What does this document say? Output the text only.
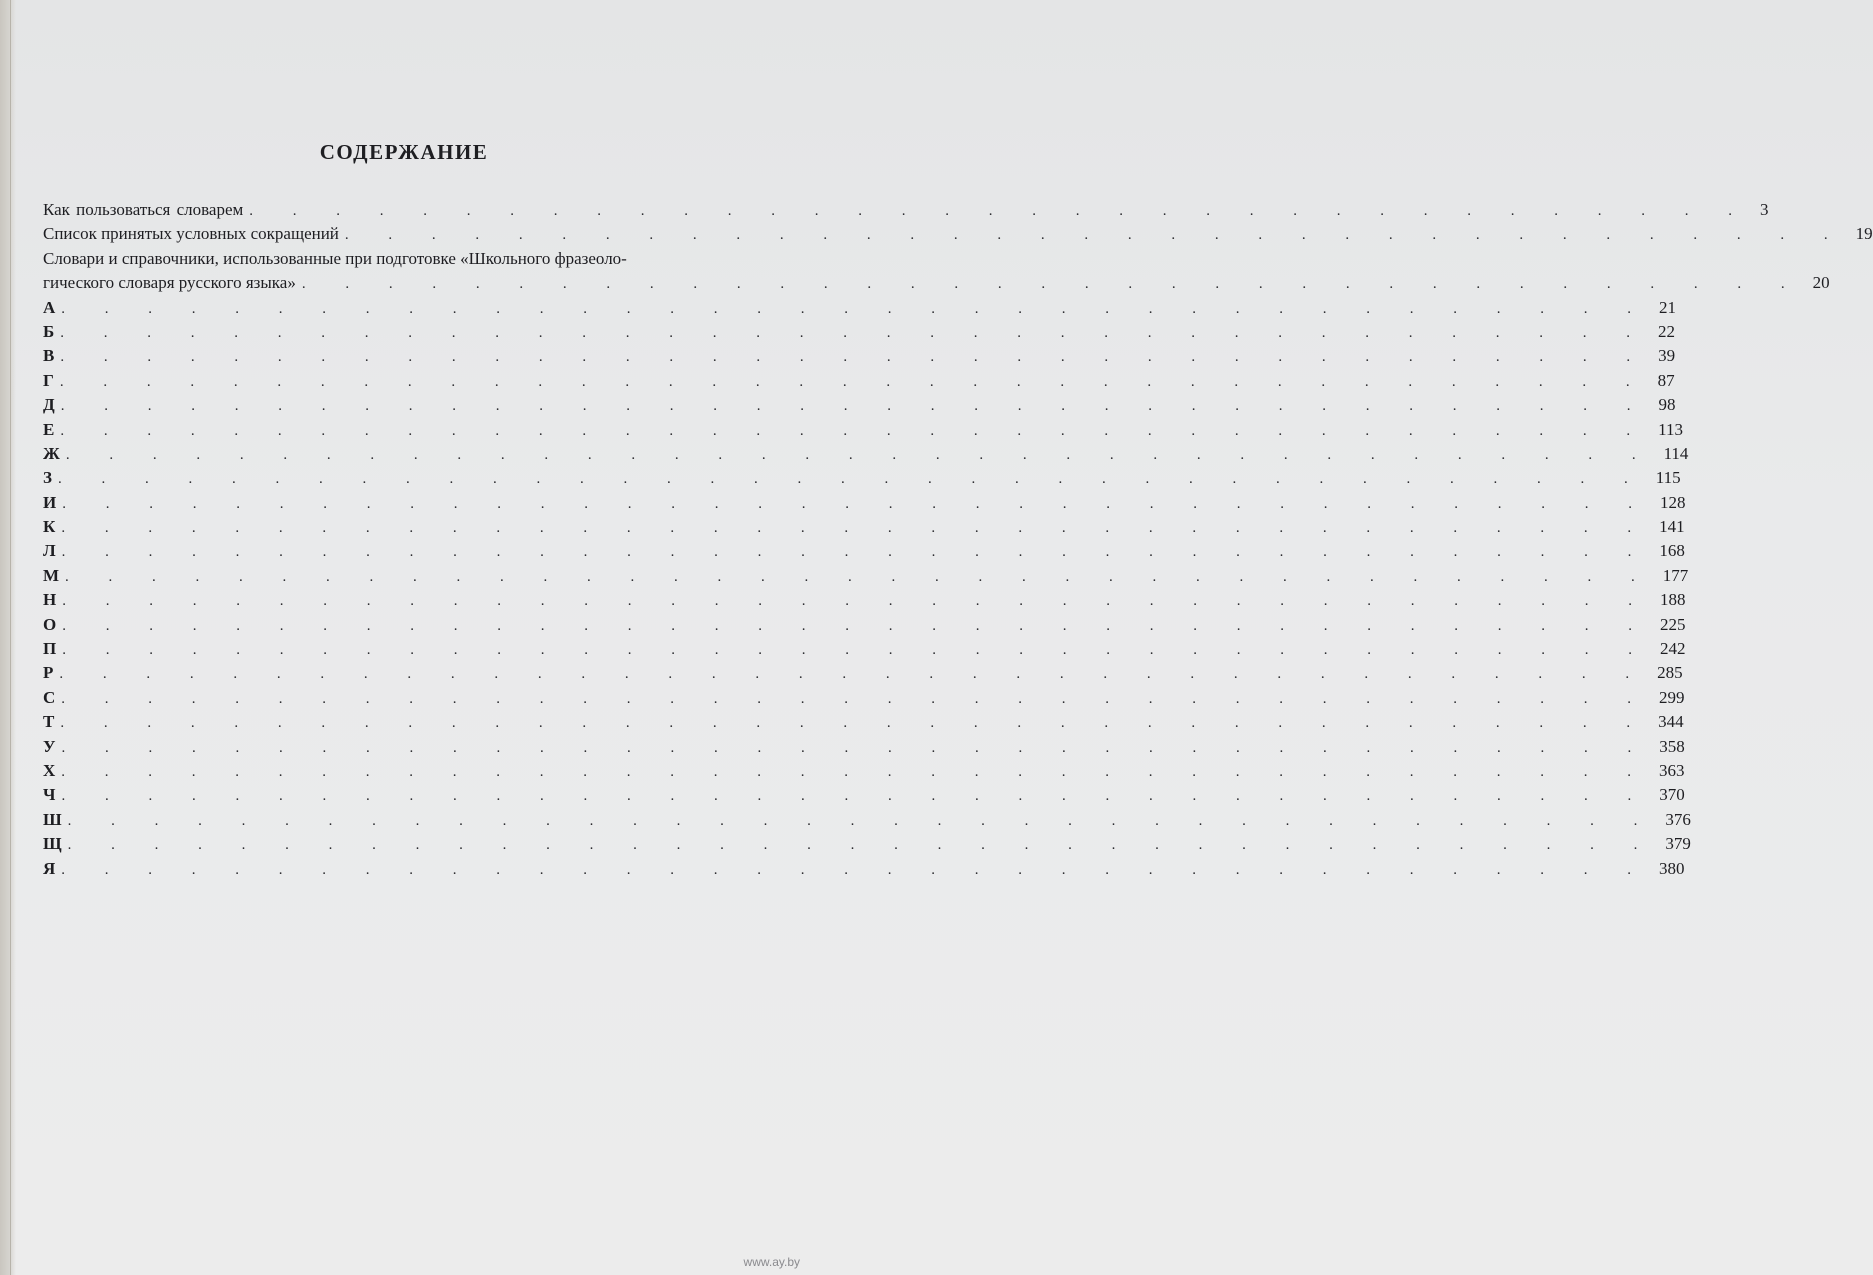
СОДЕРЖАНИЕ
Как пользоваться словарем . . . . . . . . . . . . . . . . . . . . . . . . . . . . . . . . . . . 3
Список принятых условных сокращений . . . . . . . . . . . . . . . . . . . . . . . . . . . . . . . . . . . 19
Словари и справочники, использованные при подготовке «Школьного фразеоло-
гического словаря русского языка» . . . . . . . . . . . . . . . . . . . . . . . . . . . . . . . . . . . 20
А . . . . . . . . . . . . . . . . . . . . . . . . . . . . . . . . . . . . . 21
Б . . . . . . . . . . . . . . . . . . . . . . . . . . . . . . . . . . . . . 22
В . . . . . . . . . . . . . . . . . . . . . . . . . . . . . . . . . . . . . 39
Г . . . . . . . . . . . . . . . . . . . . . . . . . . . . . . . . . . . . . 87
Д . . . . . . . . . . . . . . . . . . . . . . . . . . . . . . . . . . . . . 98
Е . . . . . . . . . . . . . . . . . . . . . . . . . . . . . . . . . . . . . 113
Ж . . . . . . . . . . . . . . . . . . . . . . . . . . . . . . . . . . . . . 114
З . . . . . . . . . . . . . . . . . . . . . . . . . . . . . . . . . . . . . 115
И . . . . . . . . . . . . . . . . . . . . . . . . . . . . . . . . . . . . . 128
К . . . . . . . . . . . . . . . . . . . . . . . . . . . . . . . . . . . . . 141
Л . . . . . . . . . . . . . . . . . . . . . . . . . . . . . . . . . . . . . 168
М . . . . . . . . . . . . . . . . . . . . . . . . . . . . . . . . . . . . . 177
Н . . . . . . . . . . . . . . . . . . . . . . . . . . . . . . . . . . . . . 188
О . . . . . . . . . . . . . . . . . . . . . . . . . . . . . . . . . . . . . 225
П . . . . . . . . . . . . . . . . . . . . . . . . . . . . . . . . . . . . . 242
Р . . . . . . . . . . . . . . . . . . . . . . . . . . . . . . . . . . . . . 285
С . . . . . . . . . . . . . . . . . . . . . . . . . . . . . . . . . . . . . 299
Т . . . . . . . . . . . . . . . . . . . . . . . . . . . . . . . . . . . . . 344
У . . . . . . . . . . . . . . . . . . . . . . . . . . . . . . . . . . . . . 358
Х . . . . . . . . . . . . . . . . . . . . . . . . . . . . . . . . . . . . . 363
Ч . . . . . . . . . . . . . . . . . . . . . . . . . . . . . . . . . . . . . 370
Ш . . . . . . . . . . . . . . . . . . . . . . . . . . . . . . . . . . . . . 376
Щ . . . . . . . . . . . . . . . . . . . . . . . . . . . . . . . . . . . . . 379
Я . . . . . . . . . . . . . . . . . . . . . . . . . . . . . . . . . . . . . 380
www.ay.by
